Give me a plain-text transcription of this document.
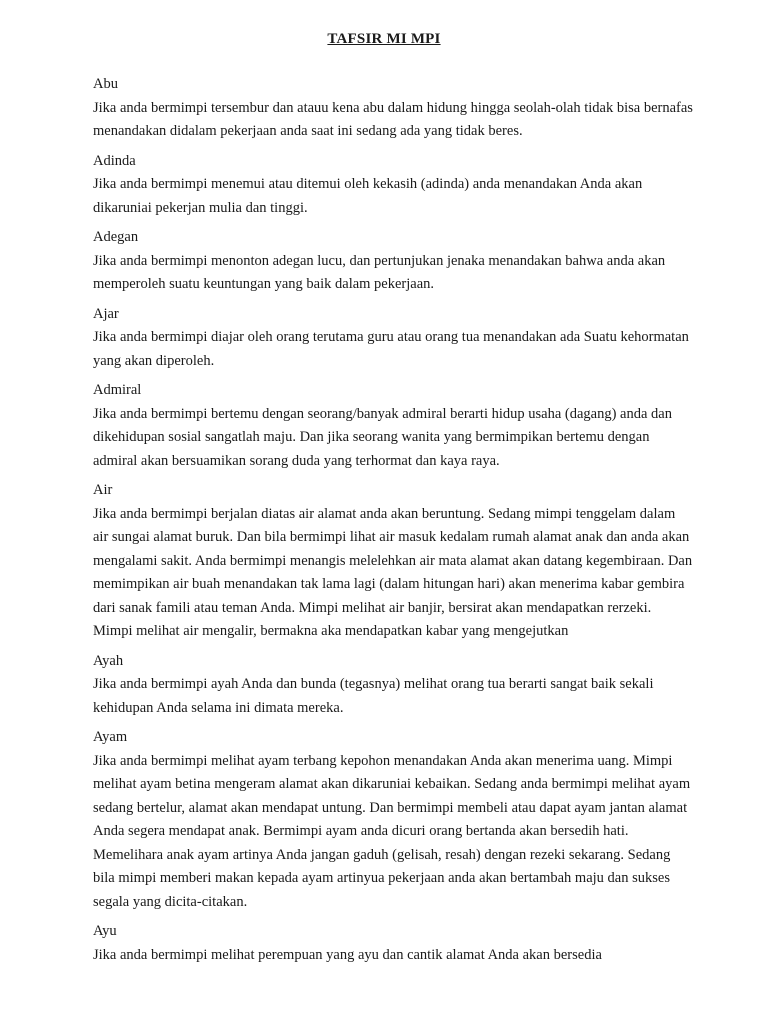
TAFSIR MI MPI
Abu
Jika anda bermimpi tersembur dan atauu kena abu dalam hidung hingga seolah-olah tidak bisa bernafas menandakan didalam pekerjaan anda saat ini sedang ada yang tidak beres.
Adinda
Jika anda bermimpi menemui atau ditemui oleh kekasih (adinda) anda menandakan Anda akan dikaruniai pekerjan mulia dan tinggi.
Adegan
Jika anda bermimpi menonton adegan lucu, dan pertunjukan jenaka menandakan bahwa anda akan memperoleh suatu keuntungan yang baik dalam pekerjaan.
Ajar
Jika anda bermimpi diajar oleh orang terutama guru atau orang tua menandakan ada Suatu kehormatan yang akan diperoleh.
Admiral
Jika anda bermimpi bertemu dengan seorang/banyak admiral berarti hidup usaha (dagang) anda dan dikehidupan sosial sangatlah maju. Dan jika seorang wanita yang bermimpikan bertemu dengan admiral akan bersuamikan sorang duda yang terhormat dan kaya raya.
Air
Jika anda bermimpi berjalan diatas air alamat anda akan beruntung. Sedang mimpi tenggelam dalam air sungai alamat buruk. Dan bila bermimpi lihat air masuk kedalam rumah alamat anak dan anda akan mengalami sakit. Anda bermimpi menangis melelehkan air mata alamat akan datang kegembiraan. Dan memimpikan air buah menandakan tak lama lagi (dalam hitungan hari) akan menerima kabar gembira dari sanak famili atau teman Anda. Mimpi melihat air banjir, bersirat akan mendapatkan rerzeki. Mimpi melihat air mengalir, bermakna aka mendapatkan kabar yang mengejutkan
Ayah
Jika anda bermimpi ayah Anda dan bunda (tegasnya) melihat orang tua berarti sangat baik sekali kehidupan Anda selama ini dimata mereka.
Ayam
Jika anda bermimpi melihat ayam terbang kepohon menandakan Anda akan menerima uang. Mimpi melihat ayam betina mengeram alamat akan dikaruniai kebaikan. Sedang anda bermimpi melihat ayam sedang bertelur, alamat akan mendapat untung. Dan bermimpi membeli atau dapat ayam jantan alamat Anda segera mendapat anak. Bermimpi ayam anda dicuri orang bertanda akan bersedih hati. Memelihara anak ayam artinya Anda jangan gaduh (gelisah, resah) dengan rezeki sekarang. Sedang bila mimpi memberi makan kepada ayam artinyua pekerjaan anda akan bertambah maju dan sukses segala yang dicita-citakan.
Ayu
Jika anda bermimpi melihat perempuan yang ayu dan cantik alamat Anda akan bersedia
